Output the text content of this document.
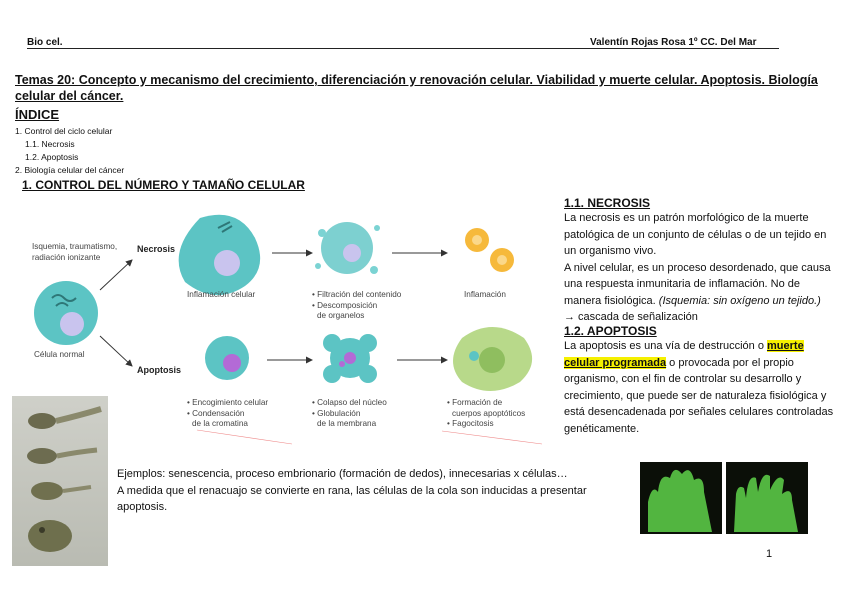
Bio cel.	Valentín Rojas Rosa 1º CC. Del Mar
Temas 20: Concepto y mecanismo del crecimiento, diferenciación y renovación celular. Viabilidad y muerte celular. Apoptosis. Biología celular del cáncer.
ÍNDICE
1. Control del ciclo celular
1.1. Necrosis
1.2. Apoptosis
2. Biología celular del cáncer
1. CONTROL DEL NÚMERO Y TAMAÑO CELULAR
Isquemia, traumatismo, radiación ionizante
Necrosis
Apoptosis
Célula normal
Inflamación celular	• Filtración del contenido
• Descomposición
de organelos
Inflamación
• Encogimiento celular
• Condensación
de la cromatina
• Colapso del núcleo
• Globulación
de la membrana
• Formación de
cuerpos apoptóticos
• Fagocitosis
1.1. NECROSIS

La necrosis es un patrón morfológico de la muerte patológica de un conjunto de células o de un tejido en un organismo vivo.

A nivel celular, es un proceso desordenado, que causa una respuesta inmunitaria de inflamación. No de manera fisiológica. (Isquemia: sin oxígeno un tejido.) → cascada de señalización

1.2. APOPTOSIS

La apoptosis es una vía de destrucción o muerte celular programada o provocada por el propio organismo, con el fin de controlar su desarrollo y crecimiento, que puede ser de naturaleza fisiológica y está desencadenada por señales celulares controladas genéticamente.

Ejemplos: senescencia, proceso embrionario (formación de dedos), innecesarias x células…
A medida que el renacuajo se convierte en rana, las células de la cola son inducidas a presentar apoptosis.
1
